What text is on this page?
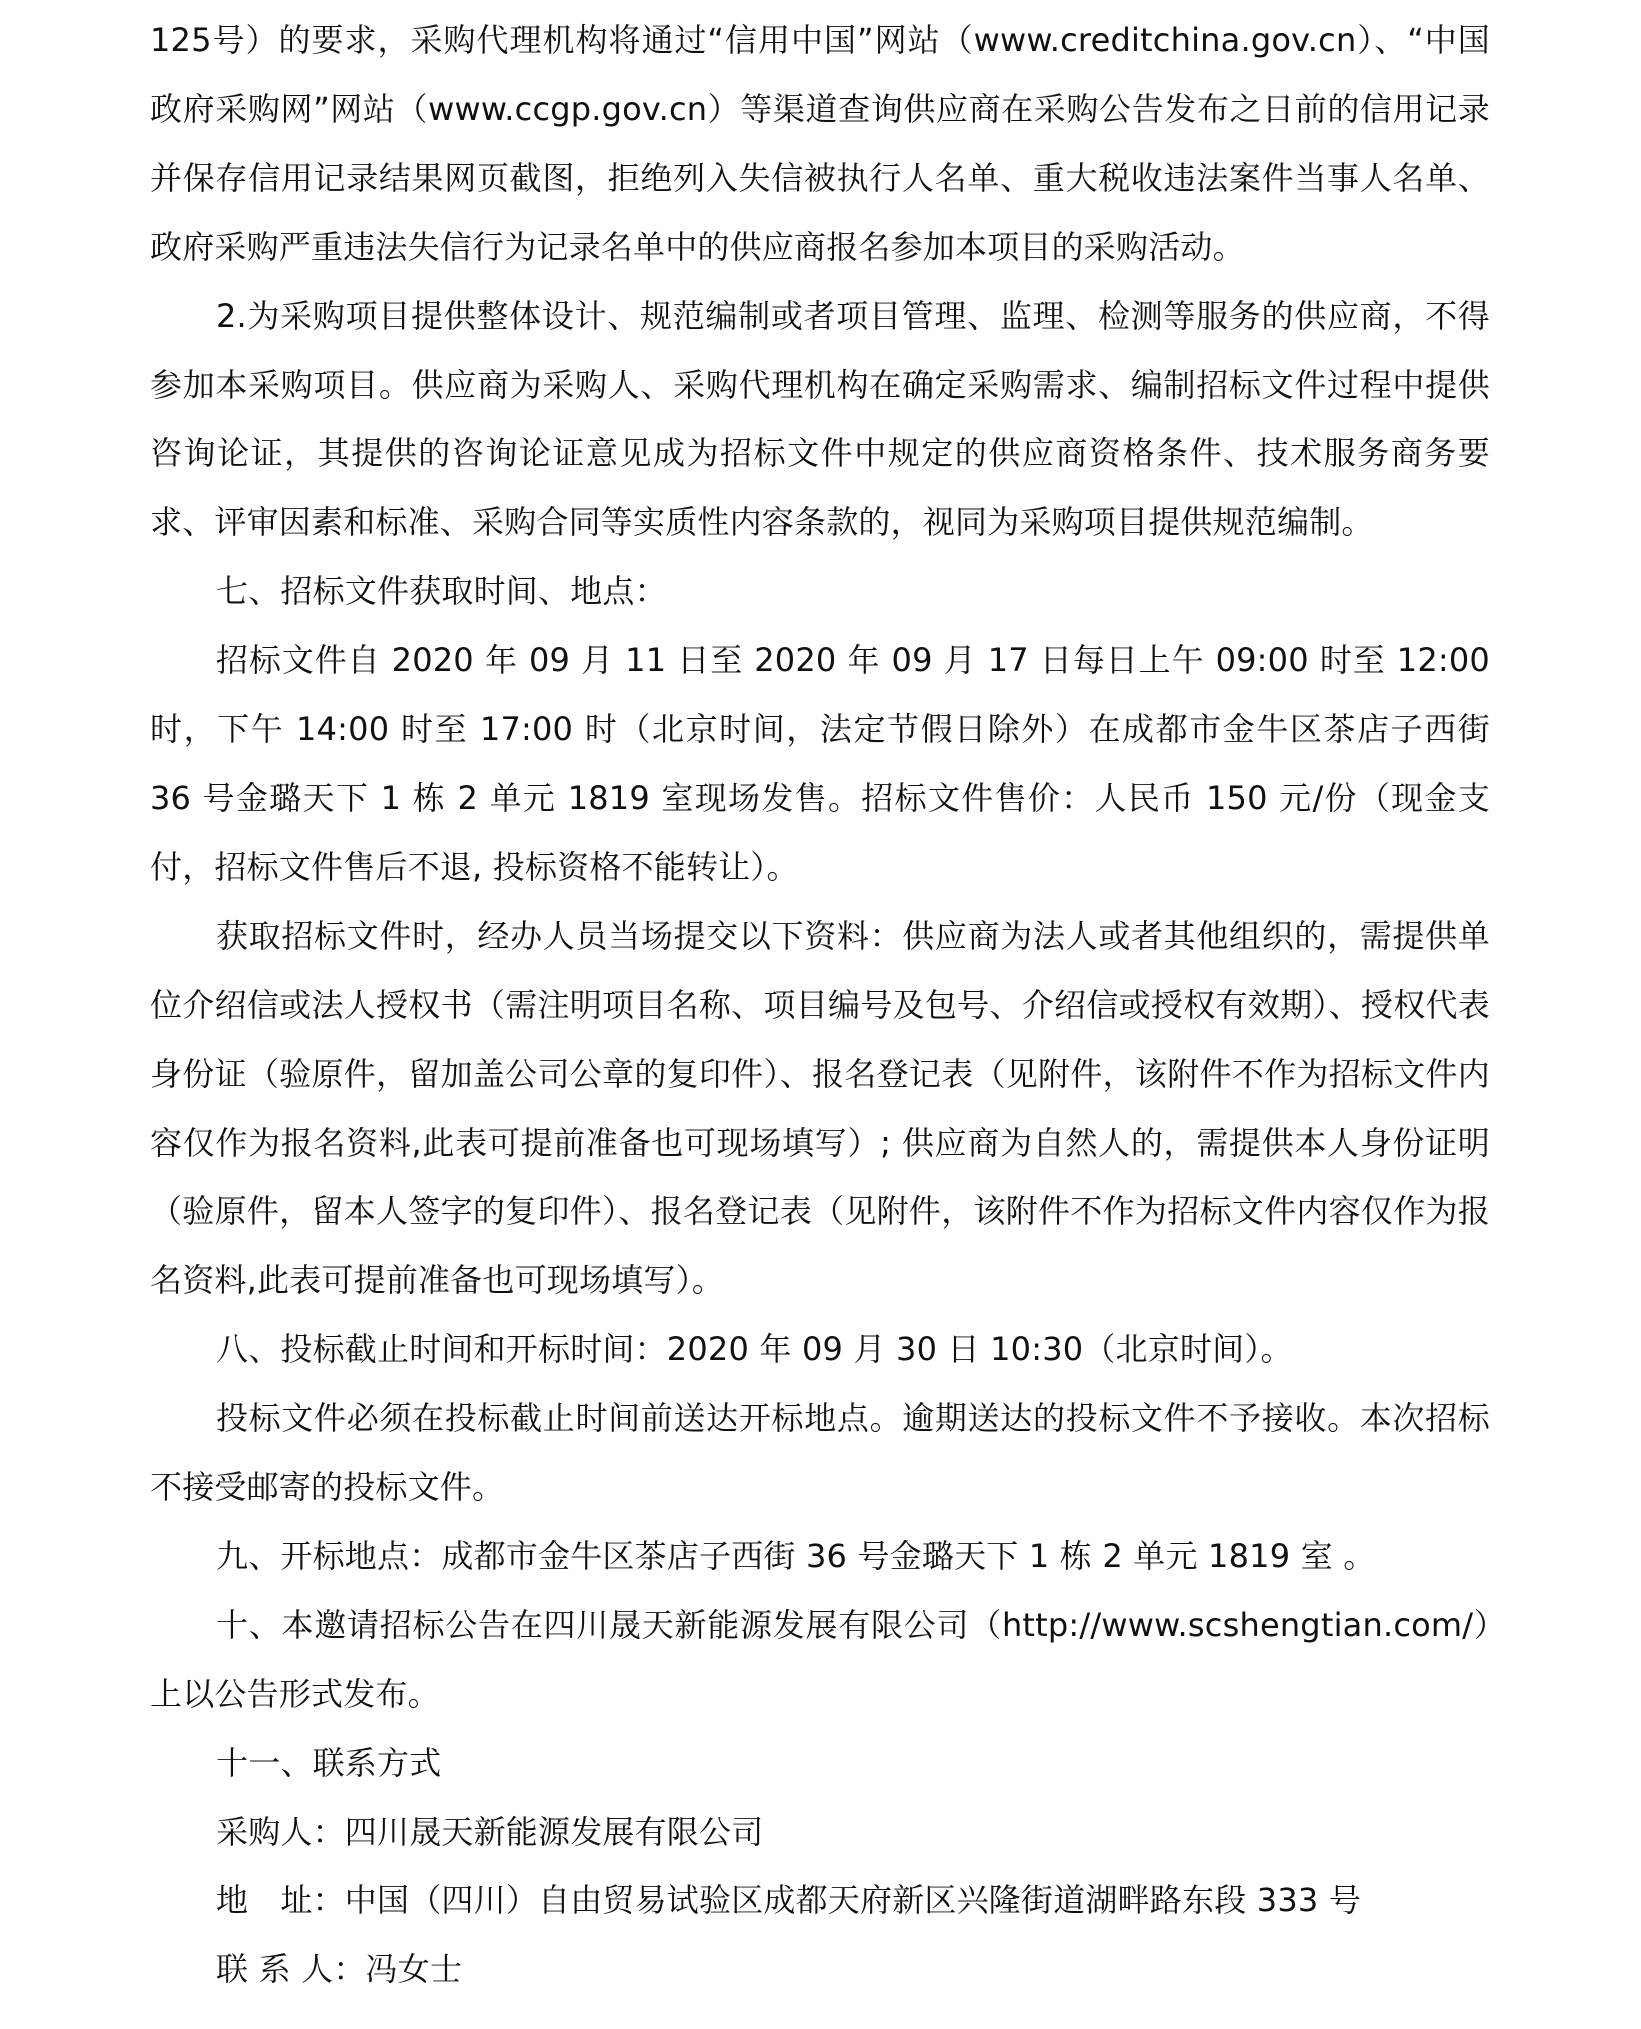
125号）的要求，采购代理机构将通过“信用中国”网站（www.creditchina.gov.cn）、“中国政府采购网”网站（www.ccgp.gov.cn）等渠道查询供应商在采购公告发布之日前的信用记录并保存信用记录结果网页截图，拒绝列入失信被执行人名单、重大税收违法案件当事人名单、政府采购严重违法失信行为记录名单中的供应商报名参加本项目的采购活动。

2.为采购项目提供整体设计、规范编制或者项目管理、监理、检测等服务的供应商，不得参加本采购项目。供应商为采购人、采购代理机构在确定采购需求、编制招标文件过程中提供咨询论证，其提供的咨询论证意见成为招标文件中规定的供应商资格条件、技术服务商务要求、评审因素和标准、采购合同等实质性内容条款的，视同为采购项目提供规范编制。

七、招标文件获取时间、地点：

招标文件自 2020 年 09 月 11 日至 2020 年 09 月 17 日每日上午 09:00 时至 12:00 时，下午 14:00 时至 17:00 时（北京时间，法定节假日除外）在成都市金牛区茶店子西街 36 号金璐天下 1 栋 2 单元 1819 室现场发售。招标文件售价：人民币 150 元/份（现金支付，招标文件售后不退, 投标资格不能转让）。

获取招标文件时，经办人员当场提交以下资料：供应商为法人或者其他组织的，需提供单位介绍信或法人授权书（需注明项目名称、项目编号及包号、介绍信或授权有效期）、授权代表身份证（验原件，留加盖公司公章的复印件）、报名登记表（见附件，该附件不作为招标文件内容仅作为报名资料,此表可提前准备也可现场填写）; 供应商为自然人的，需提供本人身份证明（验原件，留本人签字的复印件）、报名登记表（见附件，该附件不作为招标文件内容仅作为报名资料,此表可提前准备也可现场填写）。

八、投标截止时间和开标时间：2020 年 09 月 30 日 10:30（北京时间）。

投标文件必须在投标截止时间前送达开标地点。逾期送达的投标文件不予接收。本次招标不接受邮寄的投标文件。

九、开标地点：成都市金牛区茶店子西街 36 号金璐天下 1 栋 2 单元 1819 室 。

十、本邀请招标公告在四川晟天新能源发展有限公司（http://www.scshengtian.com/）上以公告形式发布。

十一、联系方式

采购人：四川晟天新能源发展有限公司

地　址：中国（四川）自由贸易试验区成都天府新区兴隆街道湖畔路东段 333 号

联 系 人：冯女士
